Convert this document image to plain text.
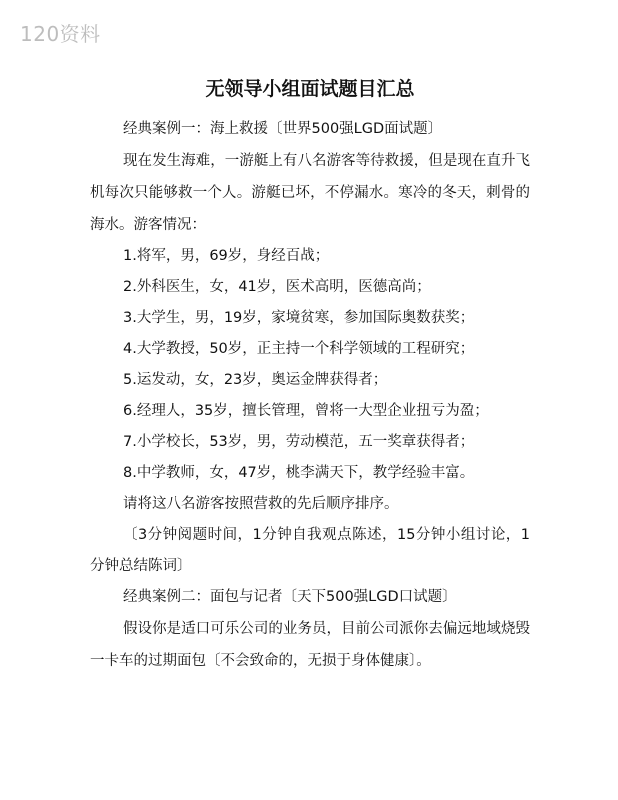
120资料
无领导小组面试题目汇总

经典案例一：海上救援〔世界500强LGD面试题〕

现在发生海难，一游艇上有八名游客等待救援，但是现在直升飞机每次只能够救一个人。游艇已坏，不停漏水。寒冷的冬天，刺骨的海水。游客情况：

1.将军，男，69岁，身经百战；

2.外科医生，女，41岁，医术高明，医德高尚；

3.大学生，男，19岁，家境贫寒，参加国际奥数获奖；

4.大学教授，50岁，正主持一个科学领域的工程研究；

5.运发动，女，23岁，奥运金牌获得者；

6.经理人，35岁，擅长管理，曾将一大型企业扭亏为盈；

7.小学校长，53岁，男，劳动模范，五一奖章获得者；

8.中学教师，女，47岁，桃李满天下，教学经验丰富。

请将这八名游客按照营救的先后顺序排序。

〔3分钟阅题时间，1分钟自我观点陈述，15分钟小组讨论，1分钟总结陈词〕

经典案例二：面包与记者〔天下500强LGD口试题〕

假设你是适口可乐公司的业务员，目前公司派你去偏远地域烧毁一卡车的过期面包〔不会致命的，无损于身体健康〕。
